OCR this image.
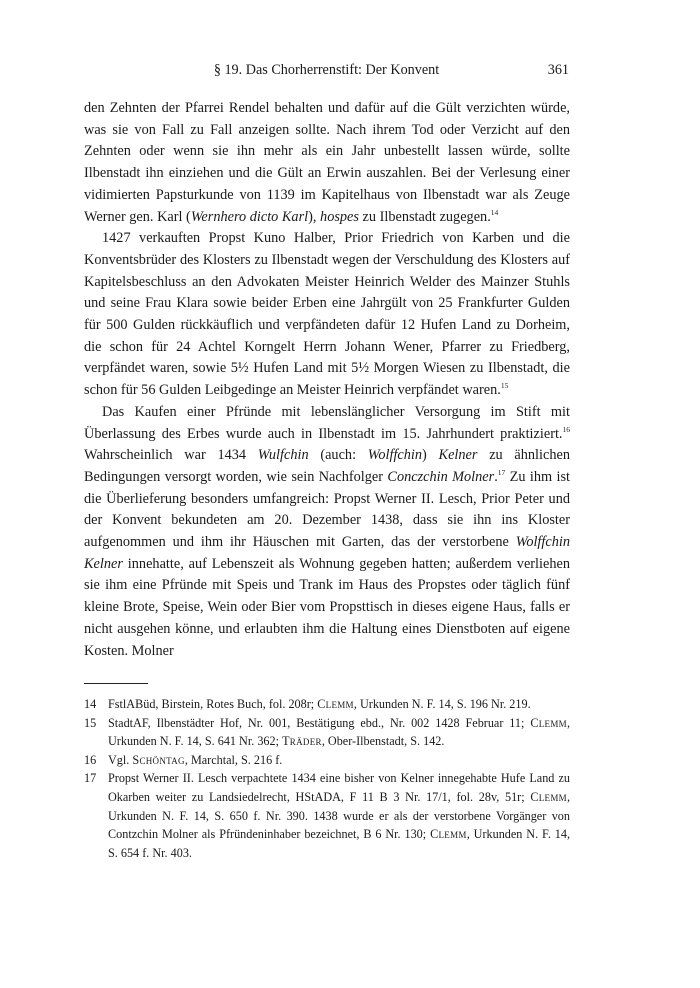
§ 19. Das Chorherrenstift: Der Konvent	361

den Zehnten der Pfarrei Rendel behalten und dafür auf die Gült verzichten würde, was sie von Fall zu Fall anzeigen sollte. Nach ihrem Tod oder Verzicht auf den Zehnten oder wenn sie ihn mehr als ein Jahr unbestellt lassen würde, sollte Ilbenstadt ihn einziehen und die Gült an Erwin auszahlen. Bei der Verlesung einer vidimierten Papsturkunde von 1139 im Kapitelhaus von Ilbenstadt war als Zeuge Werner gen. Karl (Wernhero dicto Karl), hospes zu Ilbenstadt zugegen.$^{14}$

1427 verkauften Propst Kuno Halber, Prior Friedrich von Karben und die Konventsbrüder des Klosters zu Ilbenstadt wegen der Verschuldung des Klosters auf Kapitelsbeschluss an den Advokaten Meister Heinrich Welder des Mainzer Stuhls und seine Frau Klara sowie beider Erben eine Jahrgült von 25 Frankfurter Gulden für 500 Gulden rückkäuflich und verpfändeten dafür 12 Hufen Land zu Dorheim, die schon für 24 Achtel Korngelt Herrn Johann Wener, Pfarrer zu Friedberg, verpfändet waren, sowie 5½ Hufen Land mit 5½ Morgen Wiesen zu Ilbenstadt, die schon für 56 Gulden Leibgedinge an Meister Heinrich verpfändet waren.$^{15}$

Das Kaufen einer Pfründe mit lebenslänglicher Versorgung im Stift mit Überlassung des Erbes wurde auch in Ilbenstadt im 15. Jahrhundert praktiziert.$^{16}$ Wahrscheinlich war 1434 Wulfchin (auch: Wolffchin) Kelner zu ähnlichen Bedingungen versorgt worden, wie sein Nachfolger Conczchin Molner.$^{17}$ Zu ihm ist die Überlieferung besonders umfangreich: Propst Werner II. Lesch, Prior Peter und der Konvent bekundeten am 20. Dezember 1438, dass sie ihn ins Kloster aufgenommen und ihm ihr Häuschen mit Garten, das der verstorbene Wolffchin Kelner innehatte, auf Lebenszeit als Wohnung gegeben hatten; außerdem verliehen sie ihm eine Pfründe mit Speis und Trank im Haus des Propstes oder täglich fünf kleine Brote, Speise, Wein oder Bier vom Propsttisch in dieses eigene Haus, falls er nicht ausgehen könne, und erlaubten ihm die Haltung eines Dienstboten auf eigene Kosten. Molner

14 FstlABüd, Birstein, Rotes Buch, fol. 208r; Clemm, Urkunden N. F. 14, S. 196 Nr. 219.

15 StadtAF, Ilbenstädter Hof, Nr. 001, Bestätigung ebd., Nr. 002 1428 Februar 11; Clemm, Urkunden N. F. 14, S. 641 Nr. 362; Träder, Ober-Ilbenstadt, S. 142.

16 Vgl. Schöntag, Marchtal, S. 216 f.

17 Propst Werner II. Lesch verpachtete 1434 eine bisher von Kelner innegehabte Hufe Land zu Okarben weiter zu Landsiedelrecht, HStADA, F 11 B 3 Nr. 17/1, fol. 28v, 51r; Clemm, Urkunden N. F. 14, S. 650 f. Nr. 390. 1438 wurde er als der verstorbene Vorgänger von Contzchin Molner als Pfründeninhaber bezeichnet, B 6 Nr. 130; Clemm, Urkunden N. F. 14, S. 654 f. Nr. 403.
